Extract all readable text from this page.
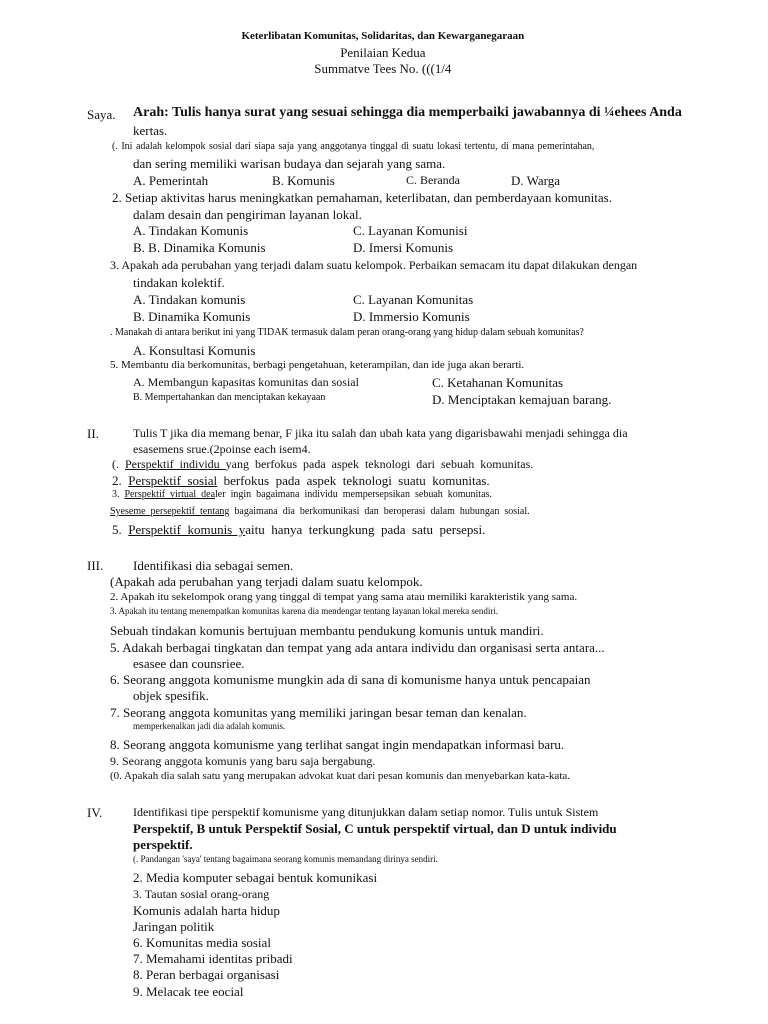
Keterlibatan Komunitas, Solidaritas, dan Kewarganegaraan
Penilaian Kedua
Summatve Tees No. (((1/4
Saya. Arah: Tulis hanya surat yang sesuai sehingga dia memperbaiki jawabannya di ¼ehees Anda
kertas.
(. Ini adalah kelompok sosial dari siapa saja yang anggotanya tinggal di suatu lokasi tertentu, di mana pemerintahan,
dan sering memiliki warisan budaya dan sejarah yang sama.
A. Pemerintah	B. Komunis	C. Beranda	D. Warga
2. Setiap aktivitas harus meningkatkan pemahaman, keterlibatan, dan pemberdayaan komunitas.
dalam desain dan pengiriman layanan lokal.
A. Tindakan Komunis	C. Layanan Komunisi
B. B. Dinamika Komunis	D. Imersi Komunis
3. Apakah ada perubahan yang terjadi dalam suatu kelompok. Perbaikan semacam itu dapat dilakukan dengan
tindakan kolektif.
A. Tindakan komunis	C. Layanan Komunitas
B. Dinamika Komunis	D. Immersio Komunis
. Manakah di antara berikut ini yang TIDAK termasuk dalam peran orang-orang yang hidup dalam sebuah komunitas?
A. Konsultasi Komunis
5. Membantu dia berkomunitas, berbagi pengetahuan, keterampilan, dan ide juga akan berarti.
A. Membangun kapasitas komunitas dan sosial	C. Ketahanan Komunitas
B. Mempertahankan dan menciptakan kekayaan	D. Menciptakan kemajuan barang.
II.	Tulis T jika dia memang benar, F jika itu salah dan ubah kata yang digarisbawahi menjadi sehingga dia
esasemens srue.(2poinse each isem4.
(.  Perspektif  individu  yang  berfokus  pada  aspek  teknologi  dari  sebuah  komunitas.
2.  Perspektif  sosial  berfokus  pada  aspek  teknologi  suatu  komunitas.
3.  Perspektif  virtual  dealer  ingin  bagaimana  individu  mempersepsikan  sebuah  komunitas.
Syeseme  persepektif  tentang  bagaimana  dia  berkomunikasi  dan  beroperasi  dalam  hubungan  sosial.
5.  Perspektif  komunis  yaitu  hanya  terkungkung  pada  satu  persepsi.
III. Identifikasi dia sebagai semen.
(Apakah ada perubahan yang terjadi dalam suatu kelompok.
2. Apakah itu sekelompok orang yang tinggal di tempat yang sama atau memiliki karakteristik yang sama.
3. Apakah itu tentang menempatkan komunitas karena dia mendengar tentang layanan lokal mereka sendiri.
Sebuah tindakan komunis bertujuan membantu pendukung komunis untuk mandiri.
5. Adakah berbagai tingkatan dan tempat yang ada antara individu dan organisasi serta antara...
esasee dan counsriee.
6. Seorang anggota komunisme mungkin ada di sana di komunisme hanya untuk pencapaian
objek spesifik.
7. Seorang anggota komunitas yang memiliki jaringan besar teman dan kenalan.
memperkenalkan jadi dia adalah komunis.
8. Seorang anggota komunisme yang terlihat sangat ingin mendapatkan informasi baru.
9. Seorang anggota komunis yang baru saja bergabung.
(0. Apakah dia salah satu yang merupakan advokat kuat dari pesan komunis dan menyebarkan kata-kata.
IV.	Identifikasi tipe perspektif komunisme yang ditunjukkan dalam setiap nomor. Tulis untuk Sistem
Perspektif, B untuk Perspektif Sosial, C untuk perspektif virtual, dan D untuk individu
perspektif.
(. Pandangan 'saya' tentang bagaimana seorang komunis memandang dirinya sendiri.
2. Media komputer sebagai bentuk komunikasi
3. Tautan sosial orang-orang
Komunis adalah harta hidup
Jaringan politik
6. Komunitas media sosial
7. Memahami identitas pribadi
8. Peran berbagai organisasi
9. Melacak tee eocial
